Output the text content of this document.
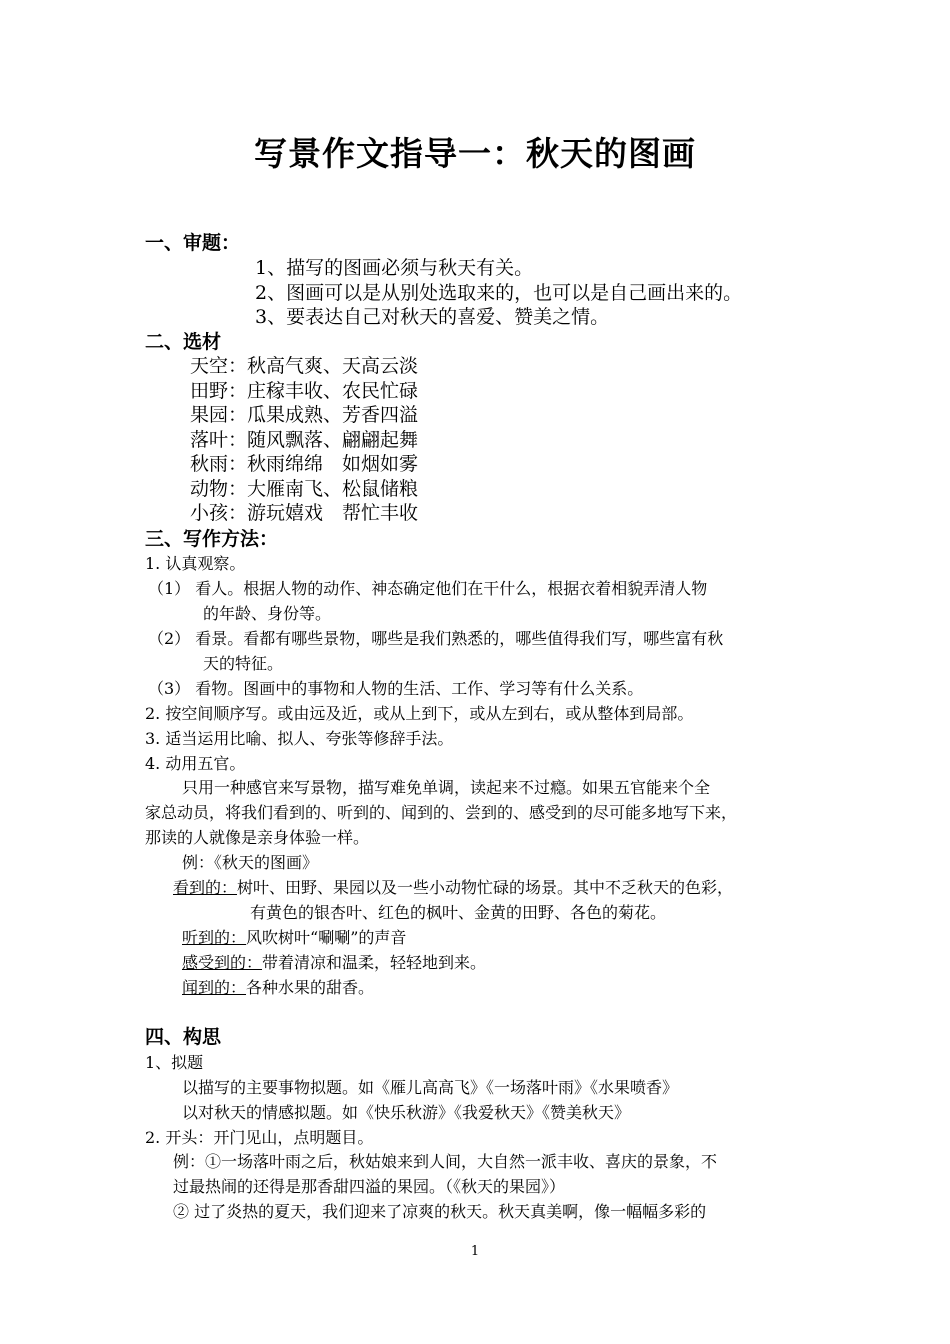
写景作文指导一：秋天的图画
一、审题：
1、描写的图画必须与秋天有关。
2、图画可以是从别处选取来的，也可以是自己画出来的。
3、要表达自己对秋天的喜爱、赞美之情。
二、选材
天空：秋高气爽、天高云淡
田野：庄稼丰收、农民忙碌
果园：瓜果成熟、芳香四溢
落叶：随风飘落、翩翩起舞
秋雨：秋雨绵绵　如烟如雾
动物：大雁南飞、松鼠储粮
小孩：游玩嬉戏　帮忙丰收
三、写作方法：
1. 认真观察。
（1） 看人。根据人物的动作、神态确定他们在干什么，根据衣着相貌弄清人物
的年龄、身份等。
（2） 看景。看都有哪些景物，哪些是我们熟悉的，哪些值得我们写，哪些富有秋
天的特征。
（3） 看物。图画中的事物和人物的生活、工作、学习等有什么关系。
2. 按空间顺序写。或由远及近，或从上到下，或从左到右，或从整体到局部。
3. 适当运用比喻、拟人、夸张等修辞手法。
4. 动用五官。
只用一种感官来写景物，描写难免单调，读起来不过瘾。如果五官能来个全
家总动员，将我们看到的、听到的、闻到的、尝到的、感受到的尽可能多地写下来，
那读的人就像是亲身体验一样。
例：《秋天的图画》
看到的：树叶、田野、果园以及一些小动物忙碌的场景。其中不乏秋天的色彩，
有黄色的银杏叶、红色的枫叶、金黄的田野、各色的菊花。
听到的：风吹树叶“唰唰”的声音
感受到的：带着清凉和温柔，轻轻地到来。
闻到的：各种水果的甜香。
四、构思
1、拟题
以描写的主要事物拟题。如《雁儿高高飞》《一场落叶雨》《水果喷香》
以对秋天的情感拟题。如《快乐秋游》《我爱秋天》《赞美秋天》
2. 开头：开门见山，点明题目。
例：①一场落叶雨之后，秋姑娘来到人间，大自然一派丰收、喜庆的景象，不
过最热闹的还得是那香甜四溢的果园。（《秋天的果园》）
② 过了炎热的夏天，我们迎来了凉爽的秋天。秋天真美啊，像一幅幅多彩的
1
